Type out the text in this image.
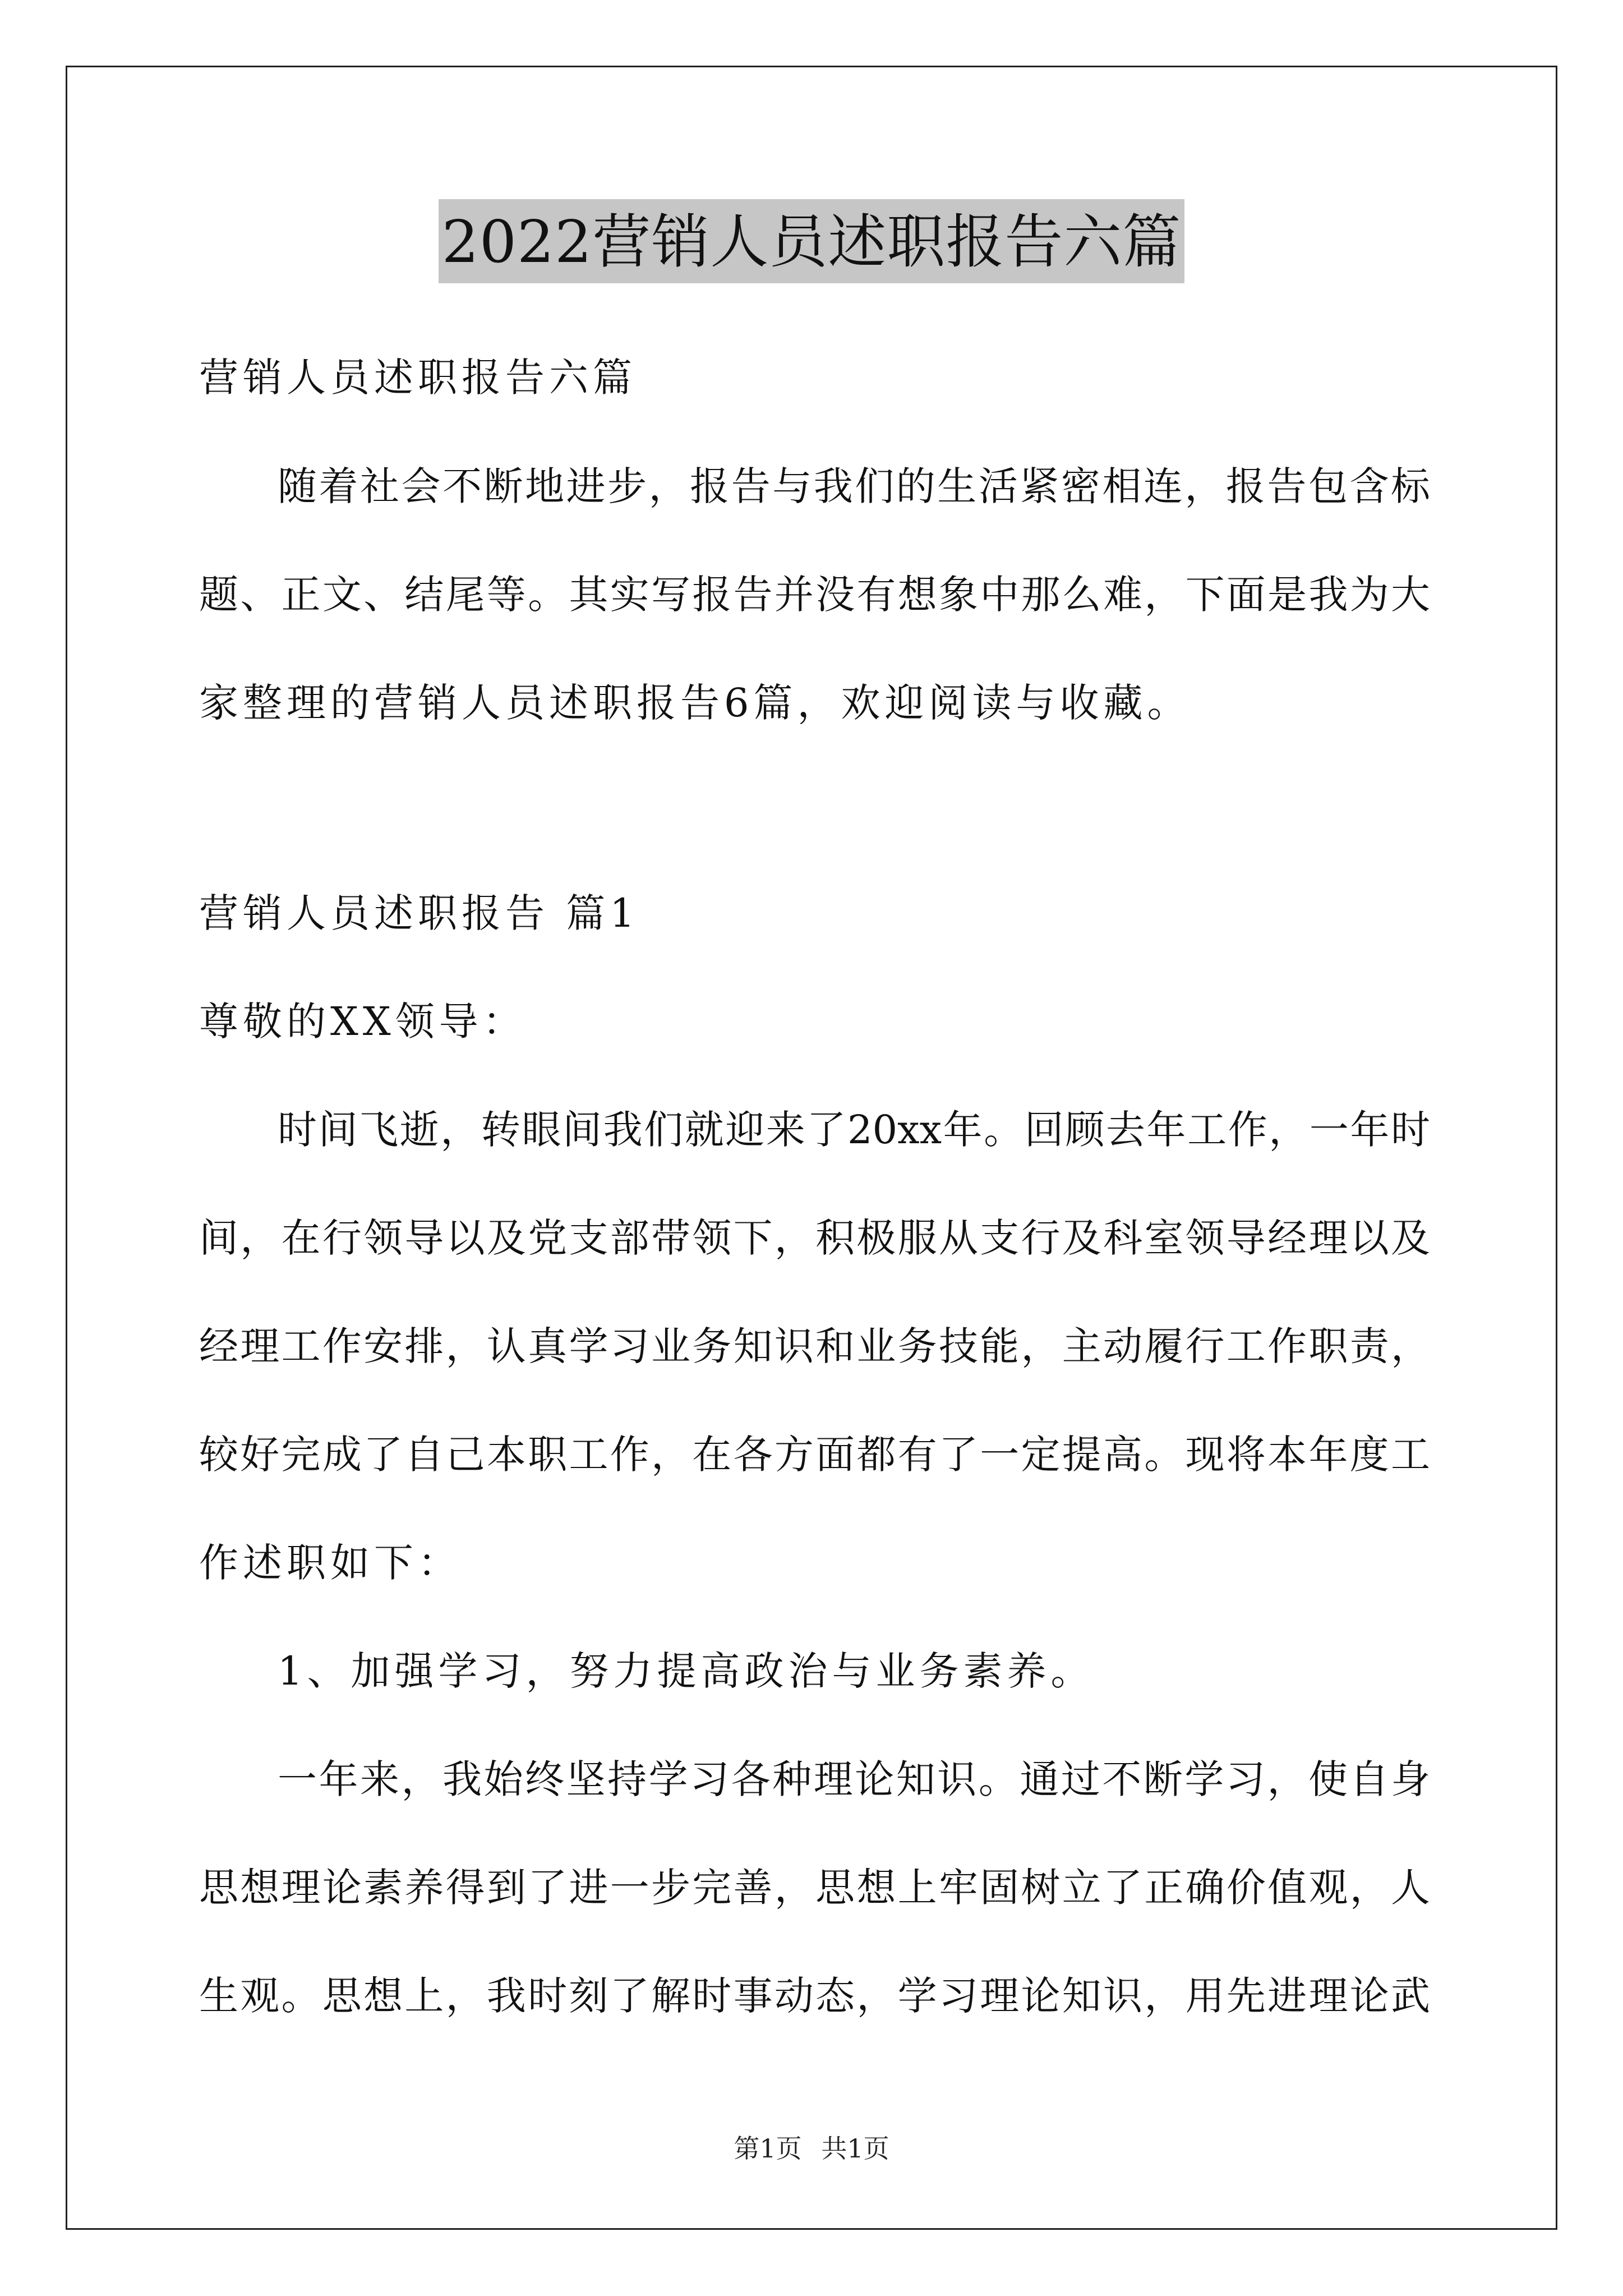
2022营销人员述职报告六篇

营销人员述职报告六篇

随着社会不断地进步，报告与我们的生活紧密相连，报告包含标

题、正文、结尾等。其实写报告并没有想象中那么难，下面是我为大

家整理的营销人员述职报告6篇，欢迎阅读与收藏。

营销人员述职报告 篇1

尊敬的XX领导：

时间飞逝，转眼间我们就迎来了20xx年。回顾去年工作，一年时

间，在行领导以及党支部带领下，积极服从支行及科室领导经理以及

经理工作安排，认真学习业务知识和业务技能，主动履行工作职责，

较好完成了自己本职工作，在各方面都有了一定提高。现将本年度工

作述职如下：

1、加强学习，努力提高政治与业务素养。

一年来，我始终坚持学习各种理论知识。通过不断学习，使自身

思想理论素养得到了进一步完善，思想上牢固树立了正确价值观，人

生观。思想上，我时刻了解时事动态，学习理论知识，用先进理论武

第1页 共1页
